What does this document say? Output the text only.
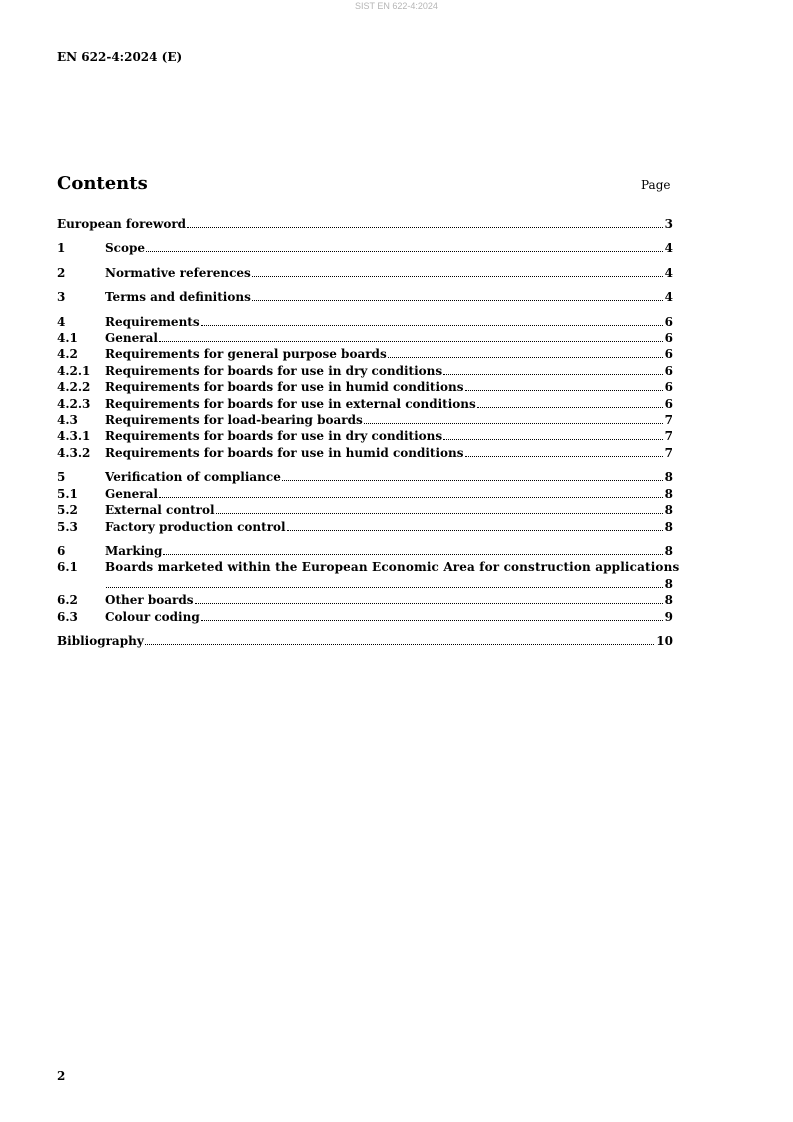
SIST EN 622-4:2024
EN 622-4:2024 (E)
Contents	Page
European foreword	3
1	Scope	4
2	Normative references	4
3	Terms and definitions	4
4	Requirements	6
4.1	General	6
4.2	Requirements for general purpose boards	6
4.2.1	Requirements for boards for use in dry conditions	6
4.2.2	Requirements for boards for use in humid conditions	6
4.2.3	Requirements for boards for use in external conditions	6
4.3	Requirements for load-bearing boards	7
4.3.1	Requirements for boards for use in dry conditions	7
4.3.2	Requirements for boards for use in humid conditions	7
5	Verification of compliance	8
5.1	General	8
5.2	External control	8
5.3	Factory production control	8
6	Marking	8
6.1	Boards marketed within the European Economic Area for construction applications
8
6.2	Other boards	8
6.3	Colour coding	9
Bibliography	10
2
